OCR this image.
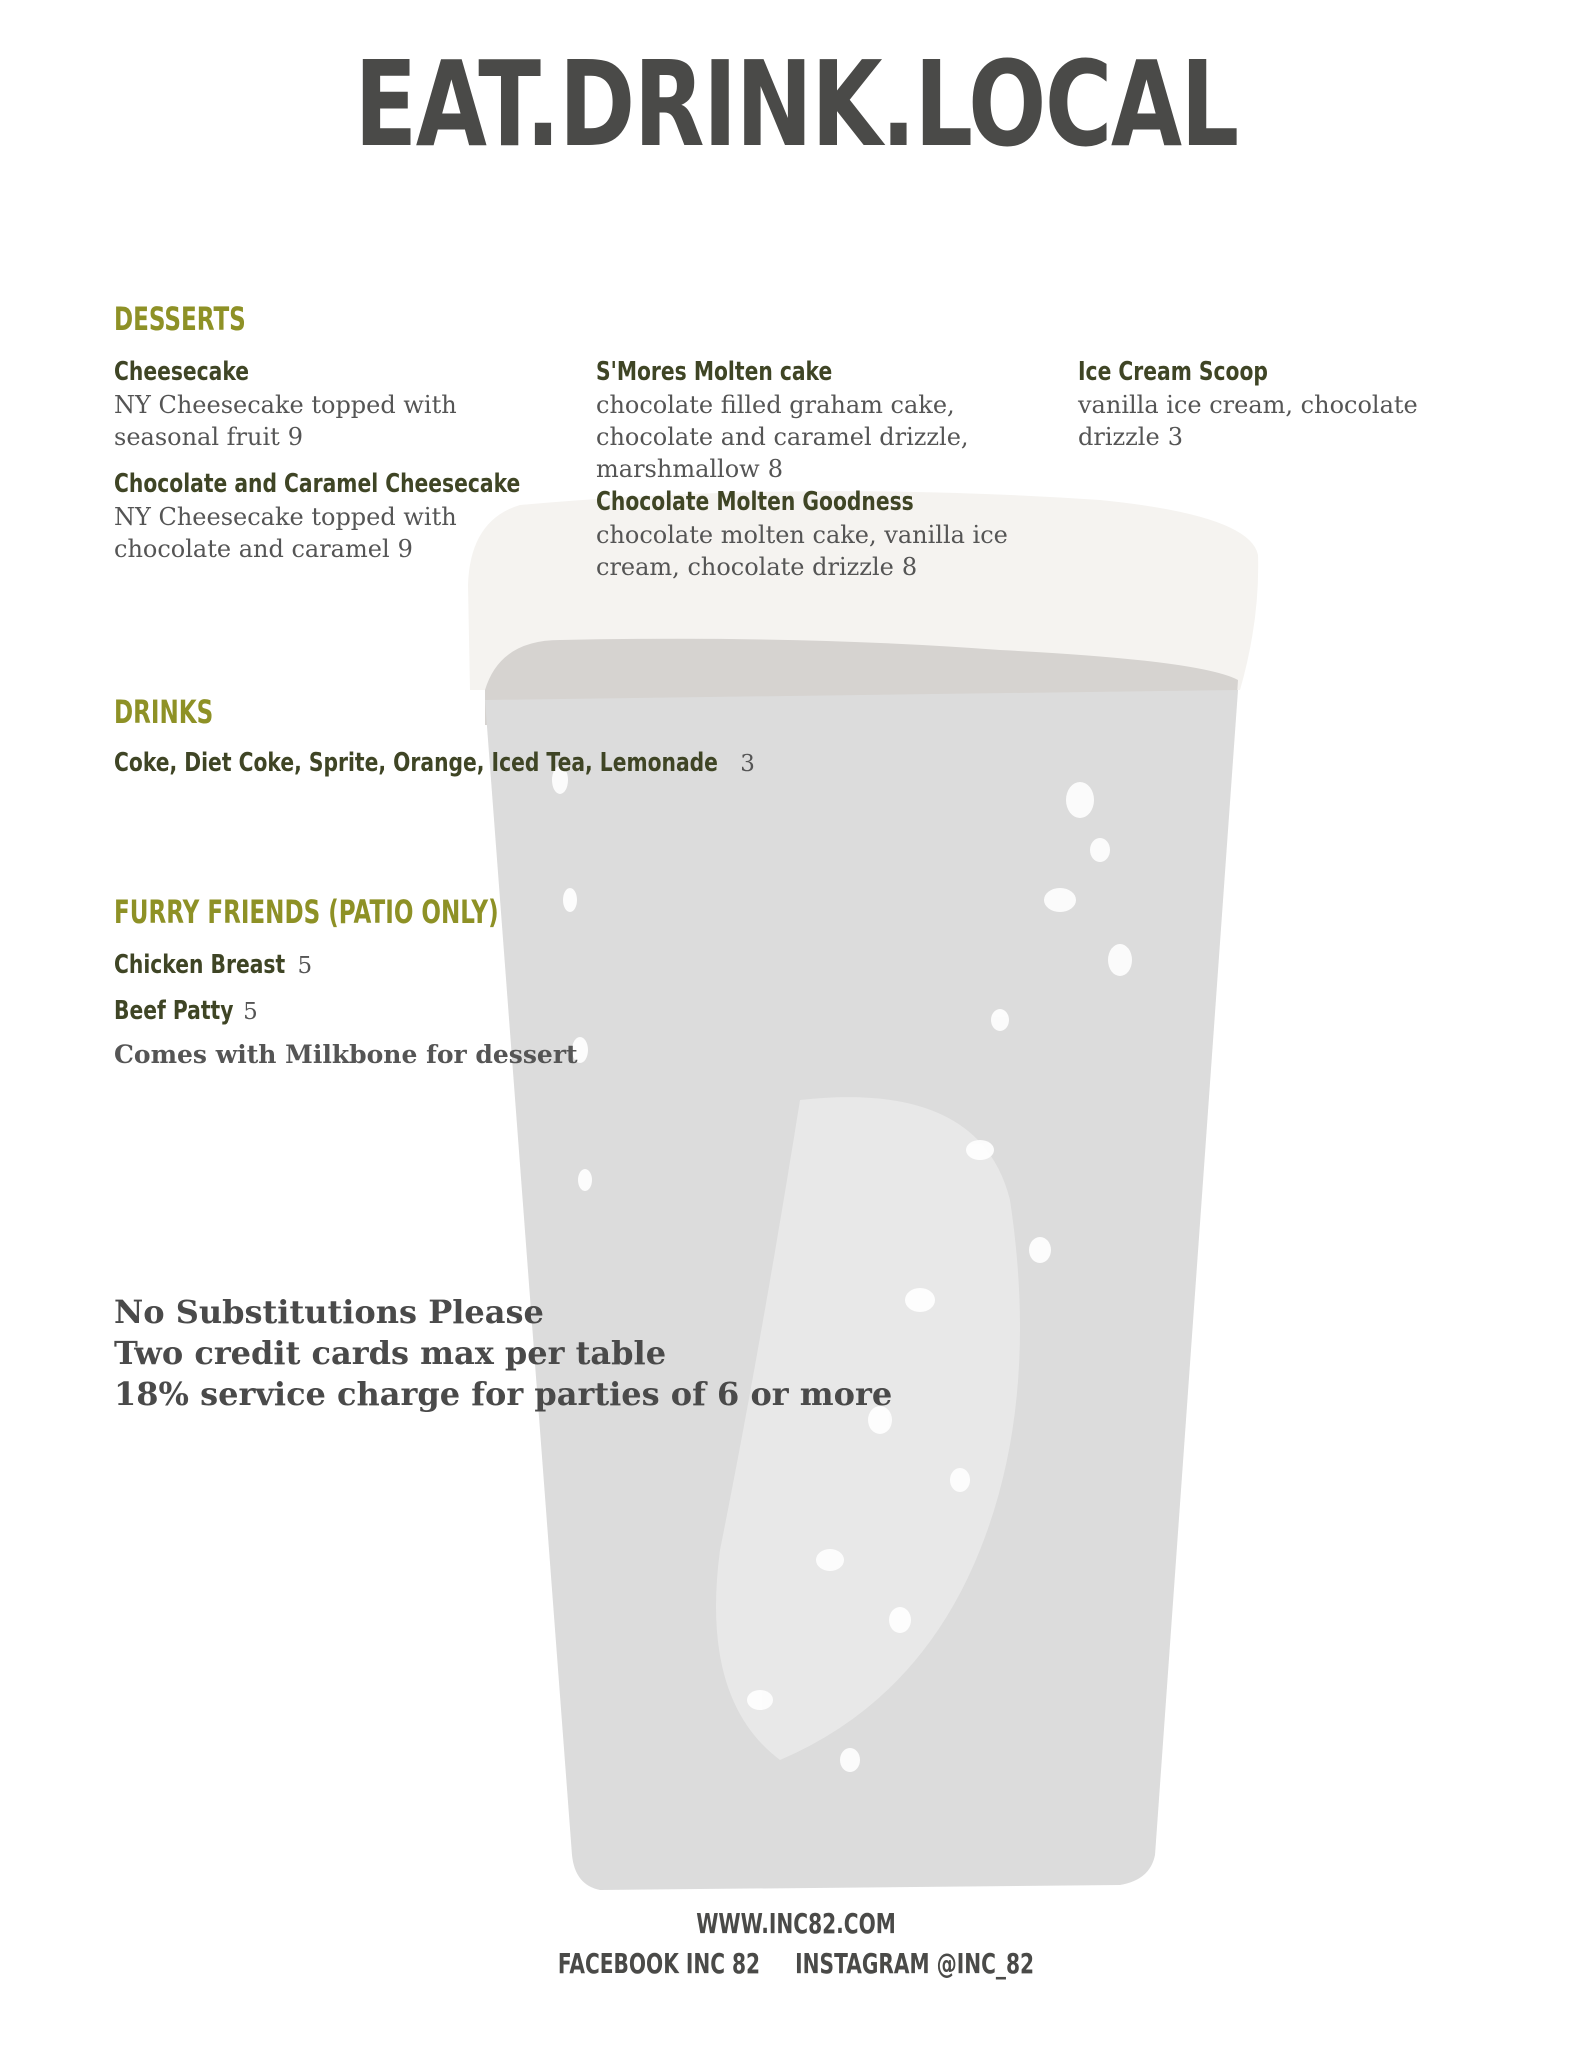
EAT.DRINK.LOCAL
DESSERTS
Cheesecake
NY Cheesecake topped with seasonal fruit 9
Chocolate and Caramel Cheesecake
NY Cheesecake topped with chocolate and caramel 9
S'Mores Molten cake
chocolate filled graham cake, chocolate and caramel drizzle, marshmallow 8
Chocolate Molten Goodness
chocolate molten cake, vanilla ice cream, chocolate drizzle 8
Ice Cream Scoop
vanilla ice cream, chocolate drizzle 3
DRINKS
Coke, Diet Coke, Sprite, Orange, Iced Tea, Lemonade 3
FURRY FRIENDS (PATIO ONLY)
Chicken Breast 5
Beef Patty 5
Comes with Milkbone for dessert
No Substitutions Please
Two credit cards max per table
18% service charge for parties of 6 or more
WWW.INC82.COM
FACEBOOK INC 82     INSTAGRAM @INC_82
